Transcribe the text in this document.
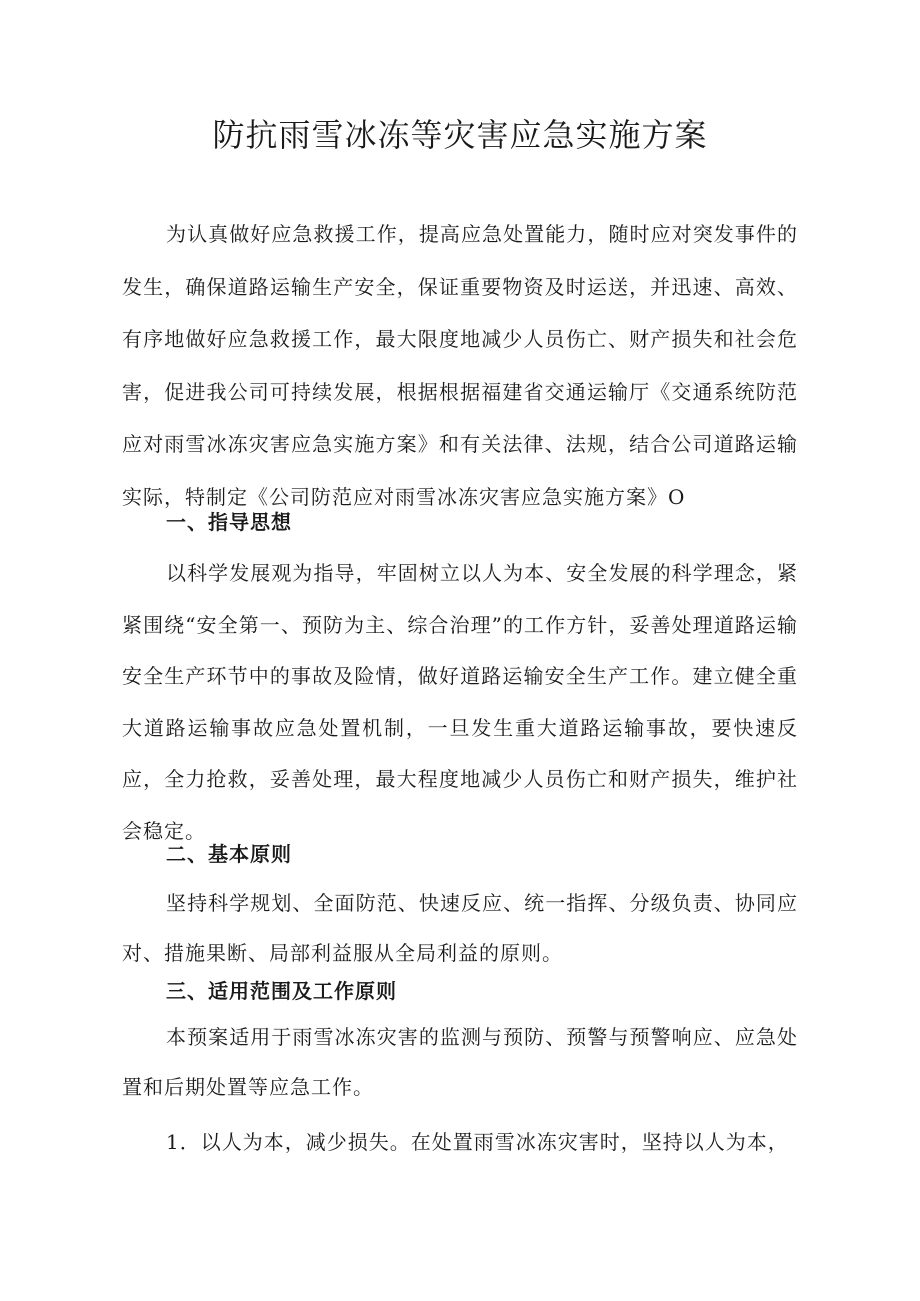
防抗雨雪冰冻等灾害应急实施方案

为认真做好应急救援工作，提高应急处置能力，随时应对突发事件的发生，确保道路运输生产安全，保证重要物资及时运送，并迅速、高效、有序地做好应急救援工作，最大限度地减少人员伤亡、财产损失和社会危害，促进我公司可持续发展，根据根据福建省交通运输厅《交通系统防范应对雨雪冰冻灾害应急实施方案》和有关法律、法规，结合公司道路运输实际，特制定《公司防范应对雨雪冰冻灾害应急实施方案》O

一、指导思想

以科学发展观为指导，牢固树立以人为本、安全发展的科学理念，紧紧围绕“安全第一、预防为主、综合治理”的工作方针，妥善处理道路运输安全生产环节中的事故及险情，做好道路运输安全生产工作。建立健全重大道路运输事故应急处置机制，一旦发生重大道路运输事故，要快速反应，全力抢救，妥善处理，最大程度地减少人员伤亡和财产损失，维护社会稳定。

二、基本原则

坚持科学规划、全面防范、快速反应、统一指挥、分级负责、协同应对、措施果断、局部利益服从全局利益的原则。

三、适用范围及工作原则

本预案适用于雨雪冰冻灾害的监测与预防、预警与预警响应、应急处置和后期处置等应急工作。

1．以人为本，减少损失。在处置雨雪冰冻灾害时，坚持以人为本，
